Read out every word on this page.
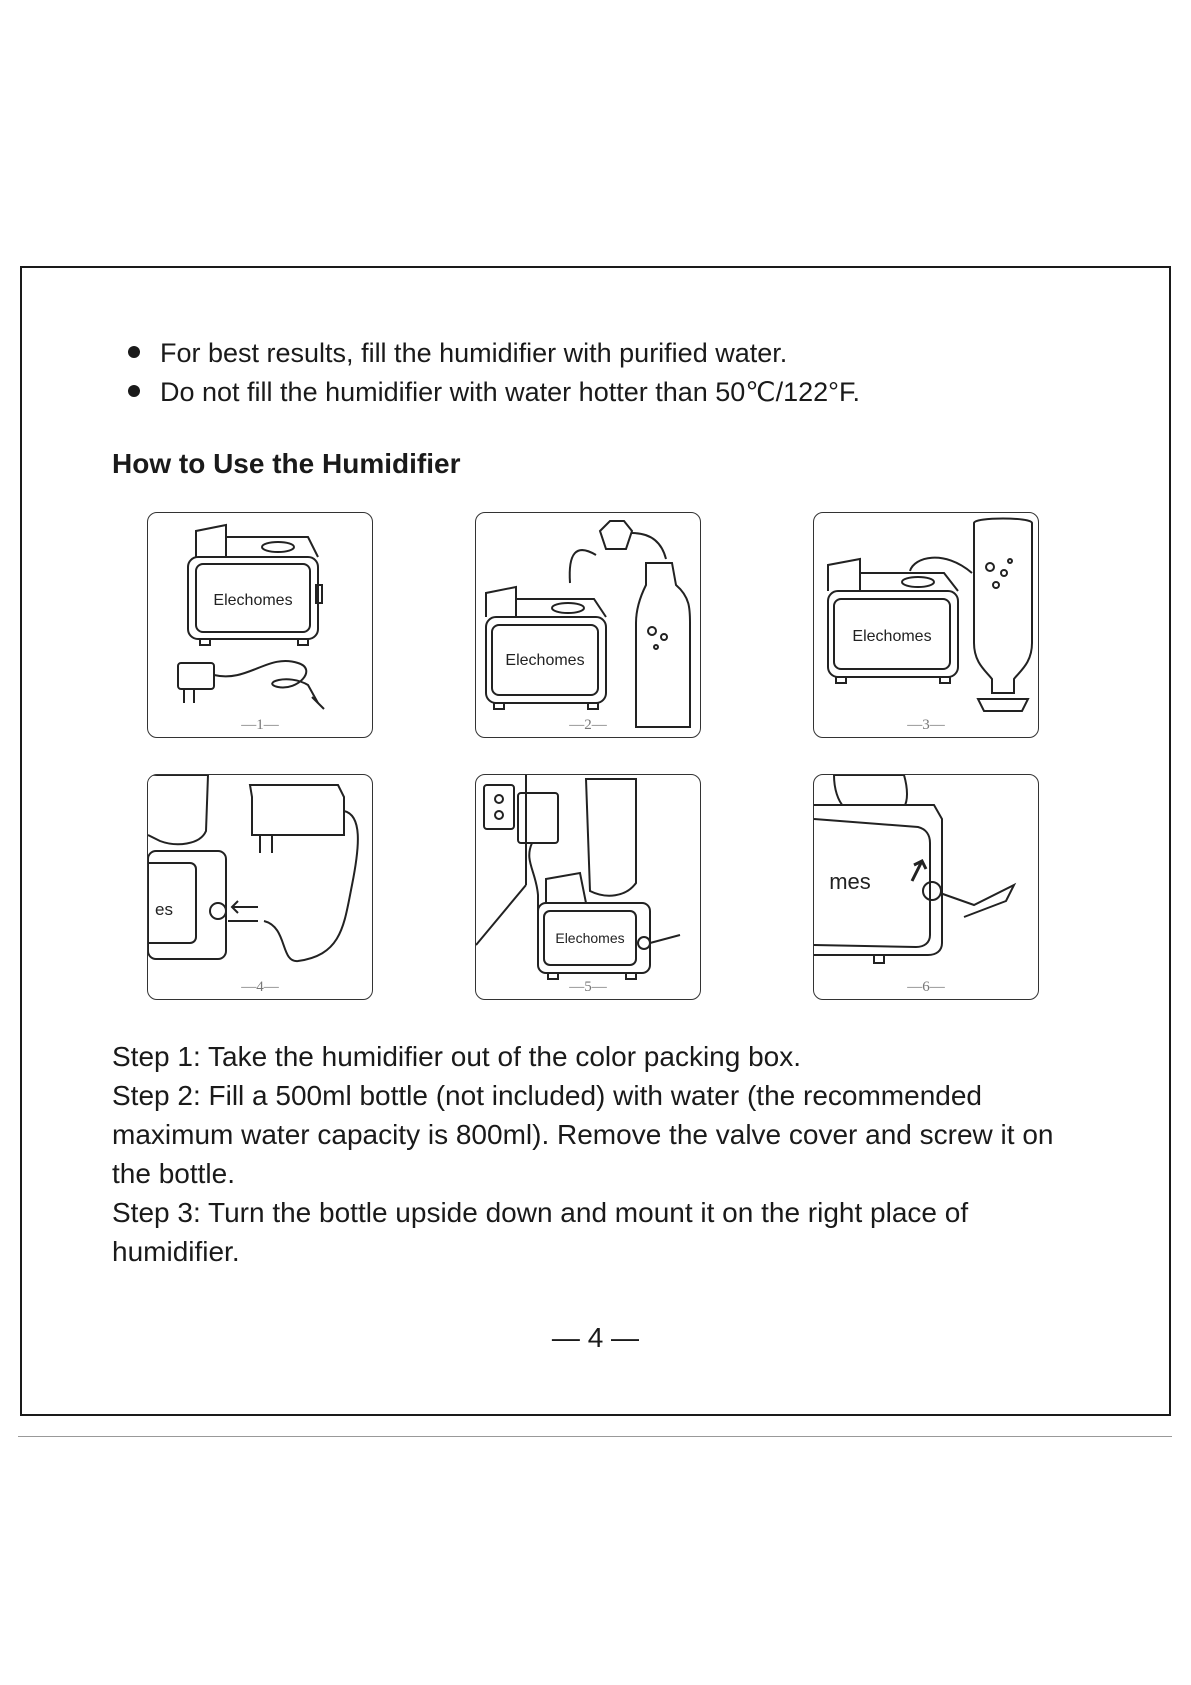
For best results, fill the humidifier with purified water.
Do not fill the humidifier with water hotter than 50℃/122°F.
How to Use the Humidifier
Elechomes
—1—
Elechomes
—2—
Elechomes
—3—
es
—4—
Elechomes
—5—
mes
—6—

Step 1: Take the humidifier out of the color packing box.

Step 2: Fill a 500ml bottle (not included) with water (the recommended maximum water capacity is 800ml). Remove the valve cover and screw it on the bottle.

Step 3: Turn the bottle upside down and mount it on the right place of humidifier.

— 4 —
